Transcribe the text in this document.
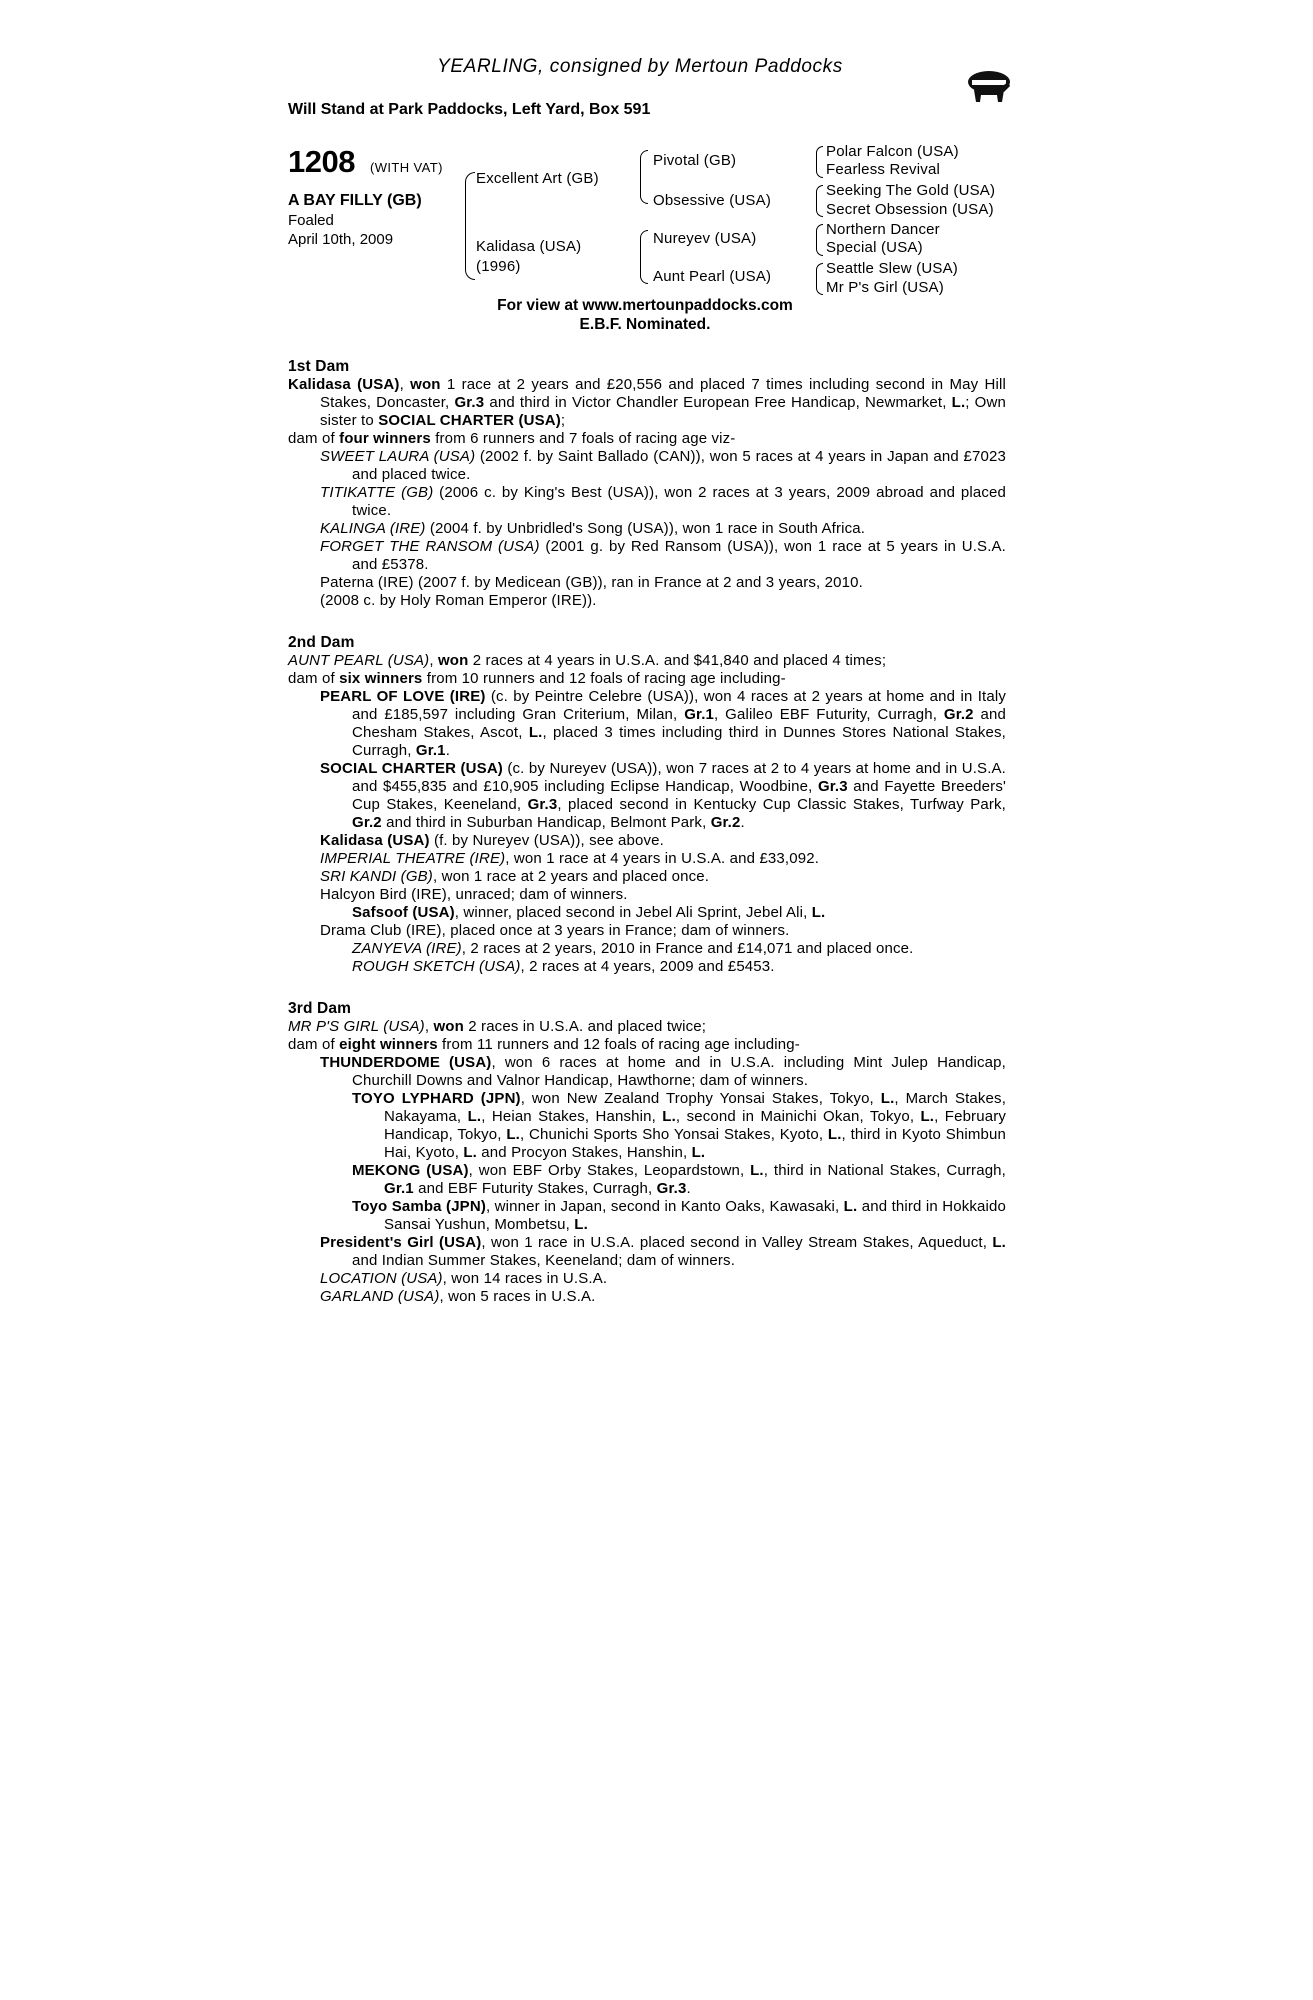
YEARLING, consigned by Mertoun Paddocks
Will Stand at Park Paddocks, Left Yard, Box 591
1208 (WITH VAT)
A BAY FILLY (GB)
Foaled
April 10th, 2009
Excellent Art (GB)
Kalidasa (USA)
(1996)
Pivotal (GB)
Obsessive (USA)
Nureyev (USA)
Aunt Pearl (USA)
Polar Falcon (USA)
Fearless Revival
Seeking The Gold (USA)
Secret Obsession (USA)
Northern Dancer
Special (USA)
Seattle Slew (USA)
Mr P's Girl (USA)
For view at www.mertounpaddocks.com
E.B.F. Nominated.
1st Dam

Kalidasa (USA), won 1 race at 2 years and £20,556 and placed 7 times including second in May Hill Stakes, Doncaster, Gr.3 and third in Victor Chandler European Free Handicap, Newmarket, L.; Own sister to SOCIAL CHARTER (USA);

dam of four winners from 6 runners and 7 foals of racing age viz-

SWEET LAURA (USA) (2002 f. by Saint Ballado (CAN)), won 5 races at 4 years in Japan and £7023 and placed twice.

TITIKATTE (GB) (2006 c. by King's Best (USA)), won 2 races at 3 years, 2009 abroad and placed twice.

KALINGA (IRE) (2004 f. by Unbridled's Song (USA)), won 1 race in South Africa.

FORGET THE RANSOM (USA) (2001 g. by Red Ransom (USA)), won 1 race at 5 years in U.S.A. and £5378.

Paterna (IRE) (2007 f. by Medicean (GB)), ran in France at 2 and 3 years, 2010.

(2008 c. by Holy Roman Emperor (IRE)).

2nd Dam

AUNT PEARL (USA), won 2 races at 4 years in U.S.A. and $41,840 and placed 4 times;

dam of six winners from 10 runners and 12 foals of racing age including-

PEARL OF LOVE (IRE) (c. by Peintre Celebre (USA)), won 4 races at 2 years at home and in Italy and £185,597 including Gran Criterium, Milan, Gr.1, Galileo EBF Futurity, Curragh, Gr.2 and Chesham Stakes, Ascot, L., placed 3 times including third in Dunnes Stores National Stakes, Curragh, Gr.1.

SOCIAL CHARTER (USA) (c. by Nureyev (USA)), won 7 races at 2 to 4 years at home and in U.S.A. and $455,835 and £10,905 including Eclipse Handicap, Woodbine, Gr.3 and Fayette Breeders' Cup Stakes, Keeneland, Gr.3, placed second in Kentucky Cup Classic Stakes, Turfway Park, Gr.2 and third in Suburban Handicap, Belmont Park, Gr.2.

Kalidasa (USA) (f. by Nureyev (USA)), see above.

IMPERIAL THEATRE (IRE), won 1 race at 4 years in U.S.A. and £33,092.

SRI KANDI (GB), won 1 race at 2 years and placed once.

Halcyon Bird (IRE), unraced; dam of winners.

Safsoof (USA), winner, placed second in Jebel Ali Sprint, Jebel Ali, L.

Drama Club (IRE), placed once at 3 years in France; dam of winners.

ZANYEVA (IRE), 2 races at 2 years, 2010 in France and £14,071 and placed once.

ROUGH SKETCH (USA), 2 races at 4 years, 2009 and £5453.

3rd Dam

MR P'S GIRL (USA), won 2 races in U.S.A. and placed twice;

dam of eight winners from 11 runners and 12 foals of racing age including-

THUNDERDOME (USA), won 6 races at home and in U.S.A. including Mint Julep Handicap, Churchill Downs and Valnor Handicap, Hawthorne; dam of winners.

TOYO LYPHARD (JPN), won New Zealand Trophy Yonsai Stakes, Tokyo, L., March Stakes, Nakayama, L., Heian Stakes, Hanshin, L., second in Mainichi Okan, Tokyo, L., February Handicap, Tokyo, L., Chunichi Sports Sho Yonsai Stakes, Kyoto, L., third in Kyoto Shimbun Hai, Kyoto, L. and Procyon Stakes, Hanshin, L.

MEKONG (USA), won EBF Orby Stakes, Leopardstown, L., third in National Stakes, Curragh, Gr.1 and EBF Futurity Stakes, Curragh, Gr.3.

Toyo Samba (JPN), winner in Japan, second in Kanto Oaks, Kawasaki, L. and third in Hokkaido Sansai Yushun, Mombetsu, L.

President's Girl (USA), won 1 race in U.S.A. placed second in Valley Stream Stakes, Aqueduct, L. and Indian Summer Stakes, Keeneland; dam of winners.

LOCATION (USA), won 14 races in U.S.A.

GARLAND (USA), won 5 races in U.S.A.
